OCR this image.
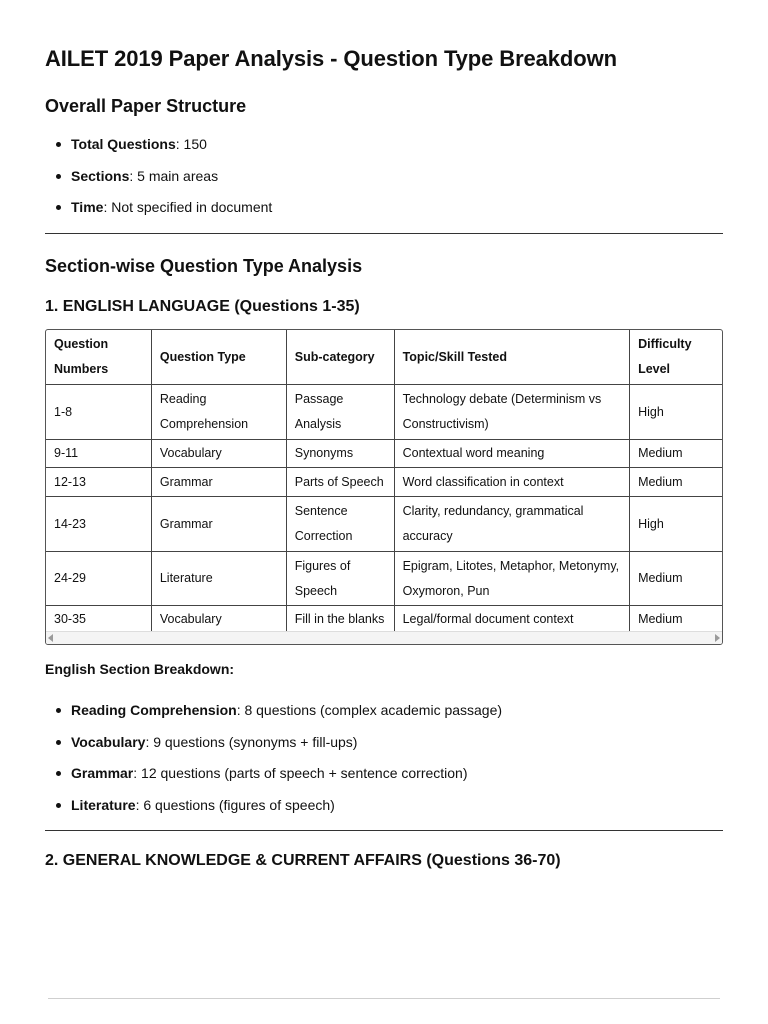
AILET 2019 Paper Analysis - Question Type Breakdown
Overall Paper Structure
Total Questions: 150
Sections: 5 main areas
Time: Not specified in document
Section-wise Question Type Analysis
1. ENGLISH LANGUAGE (Questions 1-35)
Question Numbers	Question Type	Sub-category	Topic/Skill Tested	Difficulty Level
1-8	Reading Comprehension	Passage Analysis	Technology debate (Determinism vs Constructivism)	High
9-11	Vocabulary	Synonyms	Contextual word meaning	Medium
12-13	Grammar	Parts of Speech	Word classification in context	Medium
14-23	Grammar	Sentence Correction	Clarity, redundancy, grammatical accuracy	High
24-29	Literature	Figures of Speech	Epigram, Litotes, Metaphor, Metonymy, Oxymoron, Pun	Medium
30-35	Vocabulary	Fill in the blanks	Legal/formal document context	Medium
English Section Breakdown:
Reading Comprehension: 8 questions (complex academic passage)
Vocabulary: 9 questions (synonyms + fill-ups)
Grammar: 12 questions (parts of speech + sentence correction)
Literature: 6 questions (figures of speech)
2. GENERAL KNOWLEDGE & CURRENT AFFAIRS (Questions 36-70)
